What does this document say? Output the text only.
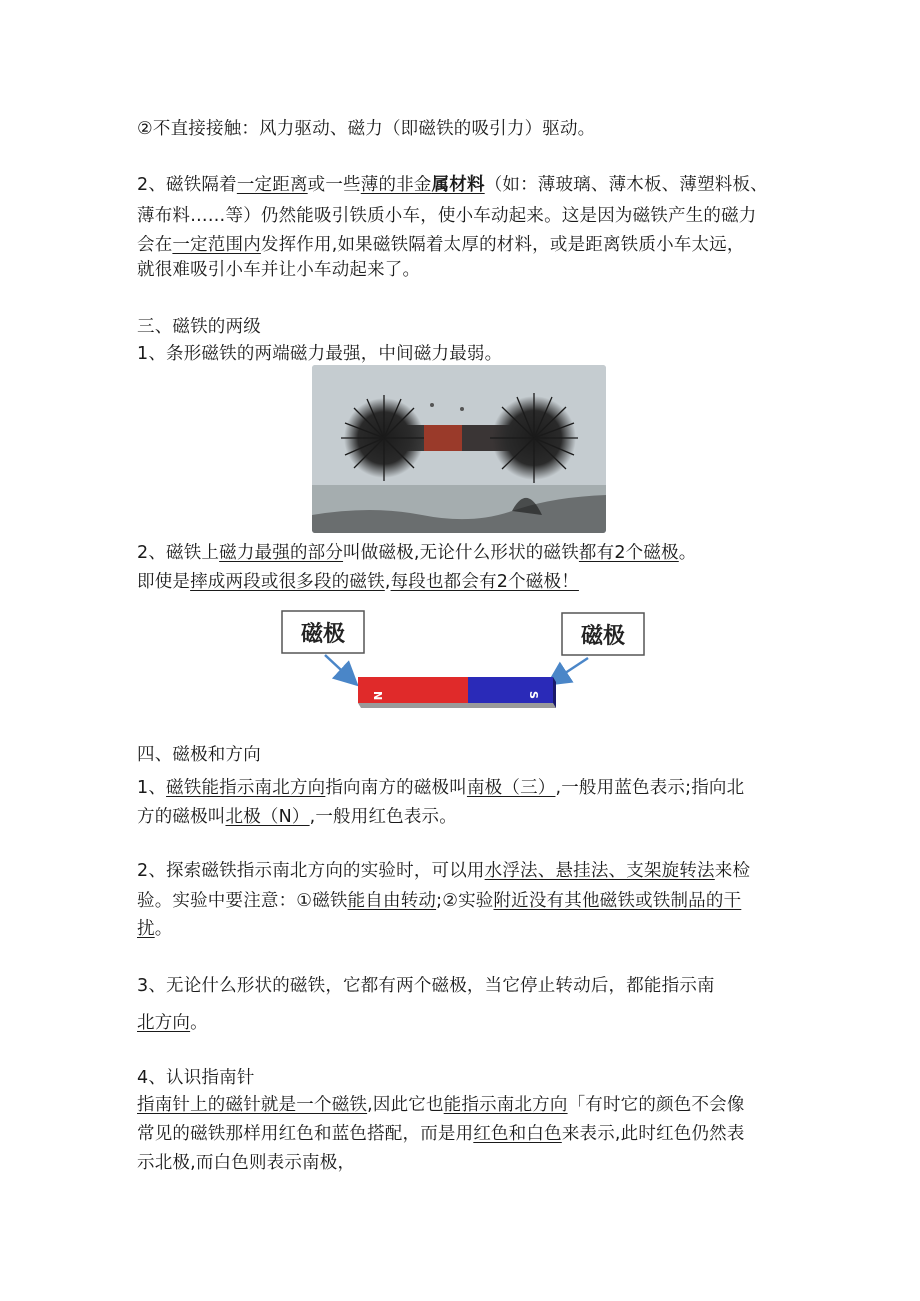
②不直接接触：风力驱动、磁力（即磁铁的吸引力）驱动。
2、磁铁隔着一定距离或一些薄的非金属材料（如：薄玻璃、薄木板、薄塑料板、
薄布料……等）仍然能吸引铁质小车，使小车动起来。这是因为磁铁产生的磁力
会在一定范围内发挥作用,如果磁铁隔着太厚的材料，或是距离铁质小车太远，
就很难吸引小车并让小车动起来了。
三、磁铁的两级
1、条形磁铁的两端磁力最强，中间磁力最弱。
2、磁铁上磁力最强的部分叫做磁极,无论什么形状的磁铁都有2个磁极。
即使是摔成两段或很多段的磁铁,每段也都会有2个磁极！
磁极	磁极
N	S
四、磁极和方向
1、磁铁能指示南北方向指向南方的磁极叫南极（三）,一般用蓝色表示;指向北
方的磁极叫北极（N）,一般用红色表示。
2、探索磁铁指示南北方向的实验时，可以用水浮法、悬挂法、支架旋转法来检
验。实验中要注意：①磁铁能自由转动;②实验附近没有其他磁铁或铁制品的干
扰。
3、无论什么形状的磁铁，它都有两个磁极，当它停止转动后，都能指示南
北方向。
4、认识指南针
指南针上的磁针就是一个磁铁,因此它也能指示南北方向「有时它的颜色不会像
常见的磁铁那样用红色和蓝色搭配，而是用红色和白色来表示,此时红色仍然表
示北极,而白色则表示南极，
